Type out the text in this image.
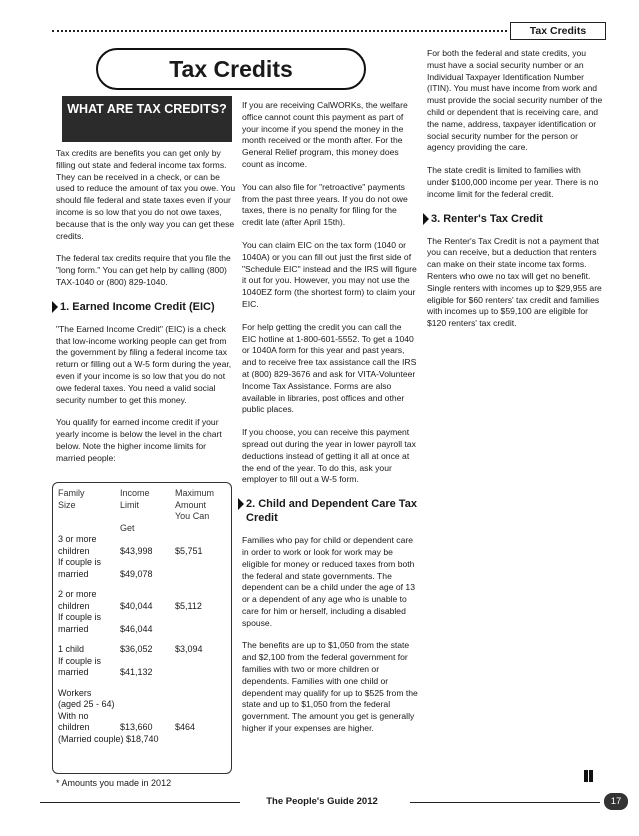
Tax Credits
Tax Credits
WHAT ARE TAX CREDITS?

Tax credits are benefits you can get only by filling out state and federal income tax forms. They can be received in a check, or can be used to reduce the amount of tax you owe. You should file federal and state taxes even if your income is so low that you do not owe taxes, because that is the only way you can get these credits.

The federal tax credits require that you file the "long form." You can get help by calling (800) TAX-1040 or (800) 829-1040.

1. Earned Income Credit (EIC)

"The Earned Income Credit" (EIC) is a check that low-income working people can get from the government by filing a federal income tax return or filling out a W-5 form during the year, even if your income is so low that you do not owe federal taxes. You need a valid social security number to get this money.

You qualify for earned income credit if your yearly income is below the level in the chart below. Note the higher income limits for married people:

Family	Income	Maximum
Size	Limit	Amount
You Can
Get
3 or more
children	$43,998	$5,751
If couple is
married	$49,078
2 or more
children	$40,044	$5,112
If couple is
married	$46,044
1 child	$36,052	$3,094
If couple is
married	$41,132
Workers
(aged 25 - 64)
With no
children	$13,660	$464
(Married couple) $18,740
* Amounts you made in 2012

If you are receiving CalWORKs, the welfare office cannot count this payment as part of your income if you spend the money in the month received or the month after. For the General Relief program, this money does count as income.

You can also file for "retroactive" payments from the past three years. If you do not owe taxes, there is no penalty for filing for the credit late (after April 15th).

You can claim EIC on the tax form (1040 or 1040A) or you can fill out just the first side of "Schedule EIC" instead and the IRS will figure it out for you. However, you may not use the 1040EZ form (the shortest form) to claim your EIC.

For help getting the credit you can call the EIC hotline at 1-800-601-5552. To get a 1040 or 1040A form for this year and past years, and to receive free tax assistance call the IRS at (800) 829-3676 and ask for VITA-Volunteer Income Tax Assistance. Forms are also available in libraries, post offices and other public places.

If you choose, you can receive this payment spread out during the year in lower payroll tax deductions instead of getting it all at once at the end of the year. To do this, ask your employer to fill out a W-5 form.

2. Child and Dependent Care Tax Credit

Families who pay for child or dependent care in order to work or look for work may be eligible for money or reduced taxes from both the federal and state governments. The dependent can be a child under the age of 13 or a dependent of any age who is unable to care for him or herself, including a disabled spouse.

The benefits are up to $1,050 from the state and $2,100 from the federal government for families with two or more children or dependents. Families with one child or dependent may qualify for up to $525 from the state and up to $1,050 from the federal government. The amount you get is generally higher if your expenses are higher.

For both the federal and state credits, you must have a social security number or an Individual Taxpayer Identification Number (ITIN). You must have income from work and must provide the social security number of the child or dependent that is receiving care, and the name, address, taxpayer identification or social security number for the person or agency providing the care.

The state credit is limited to families with under $100,000 income per year. There is no income limit for the federal credit.

3. Renter's Tax Credit

The Renter's Tax Credit is not a payment that you can receive, but a deduction that renters can make on their state income tax forms. Renters who owe no tax will get no benefit. Single renters with incomes up to $29,955 are eligible for $60 renters' tax credit and families with incomes up to $59,100 are eligible for $120 renters' tax credit.

The People's Guide 2012	17
